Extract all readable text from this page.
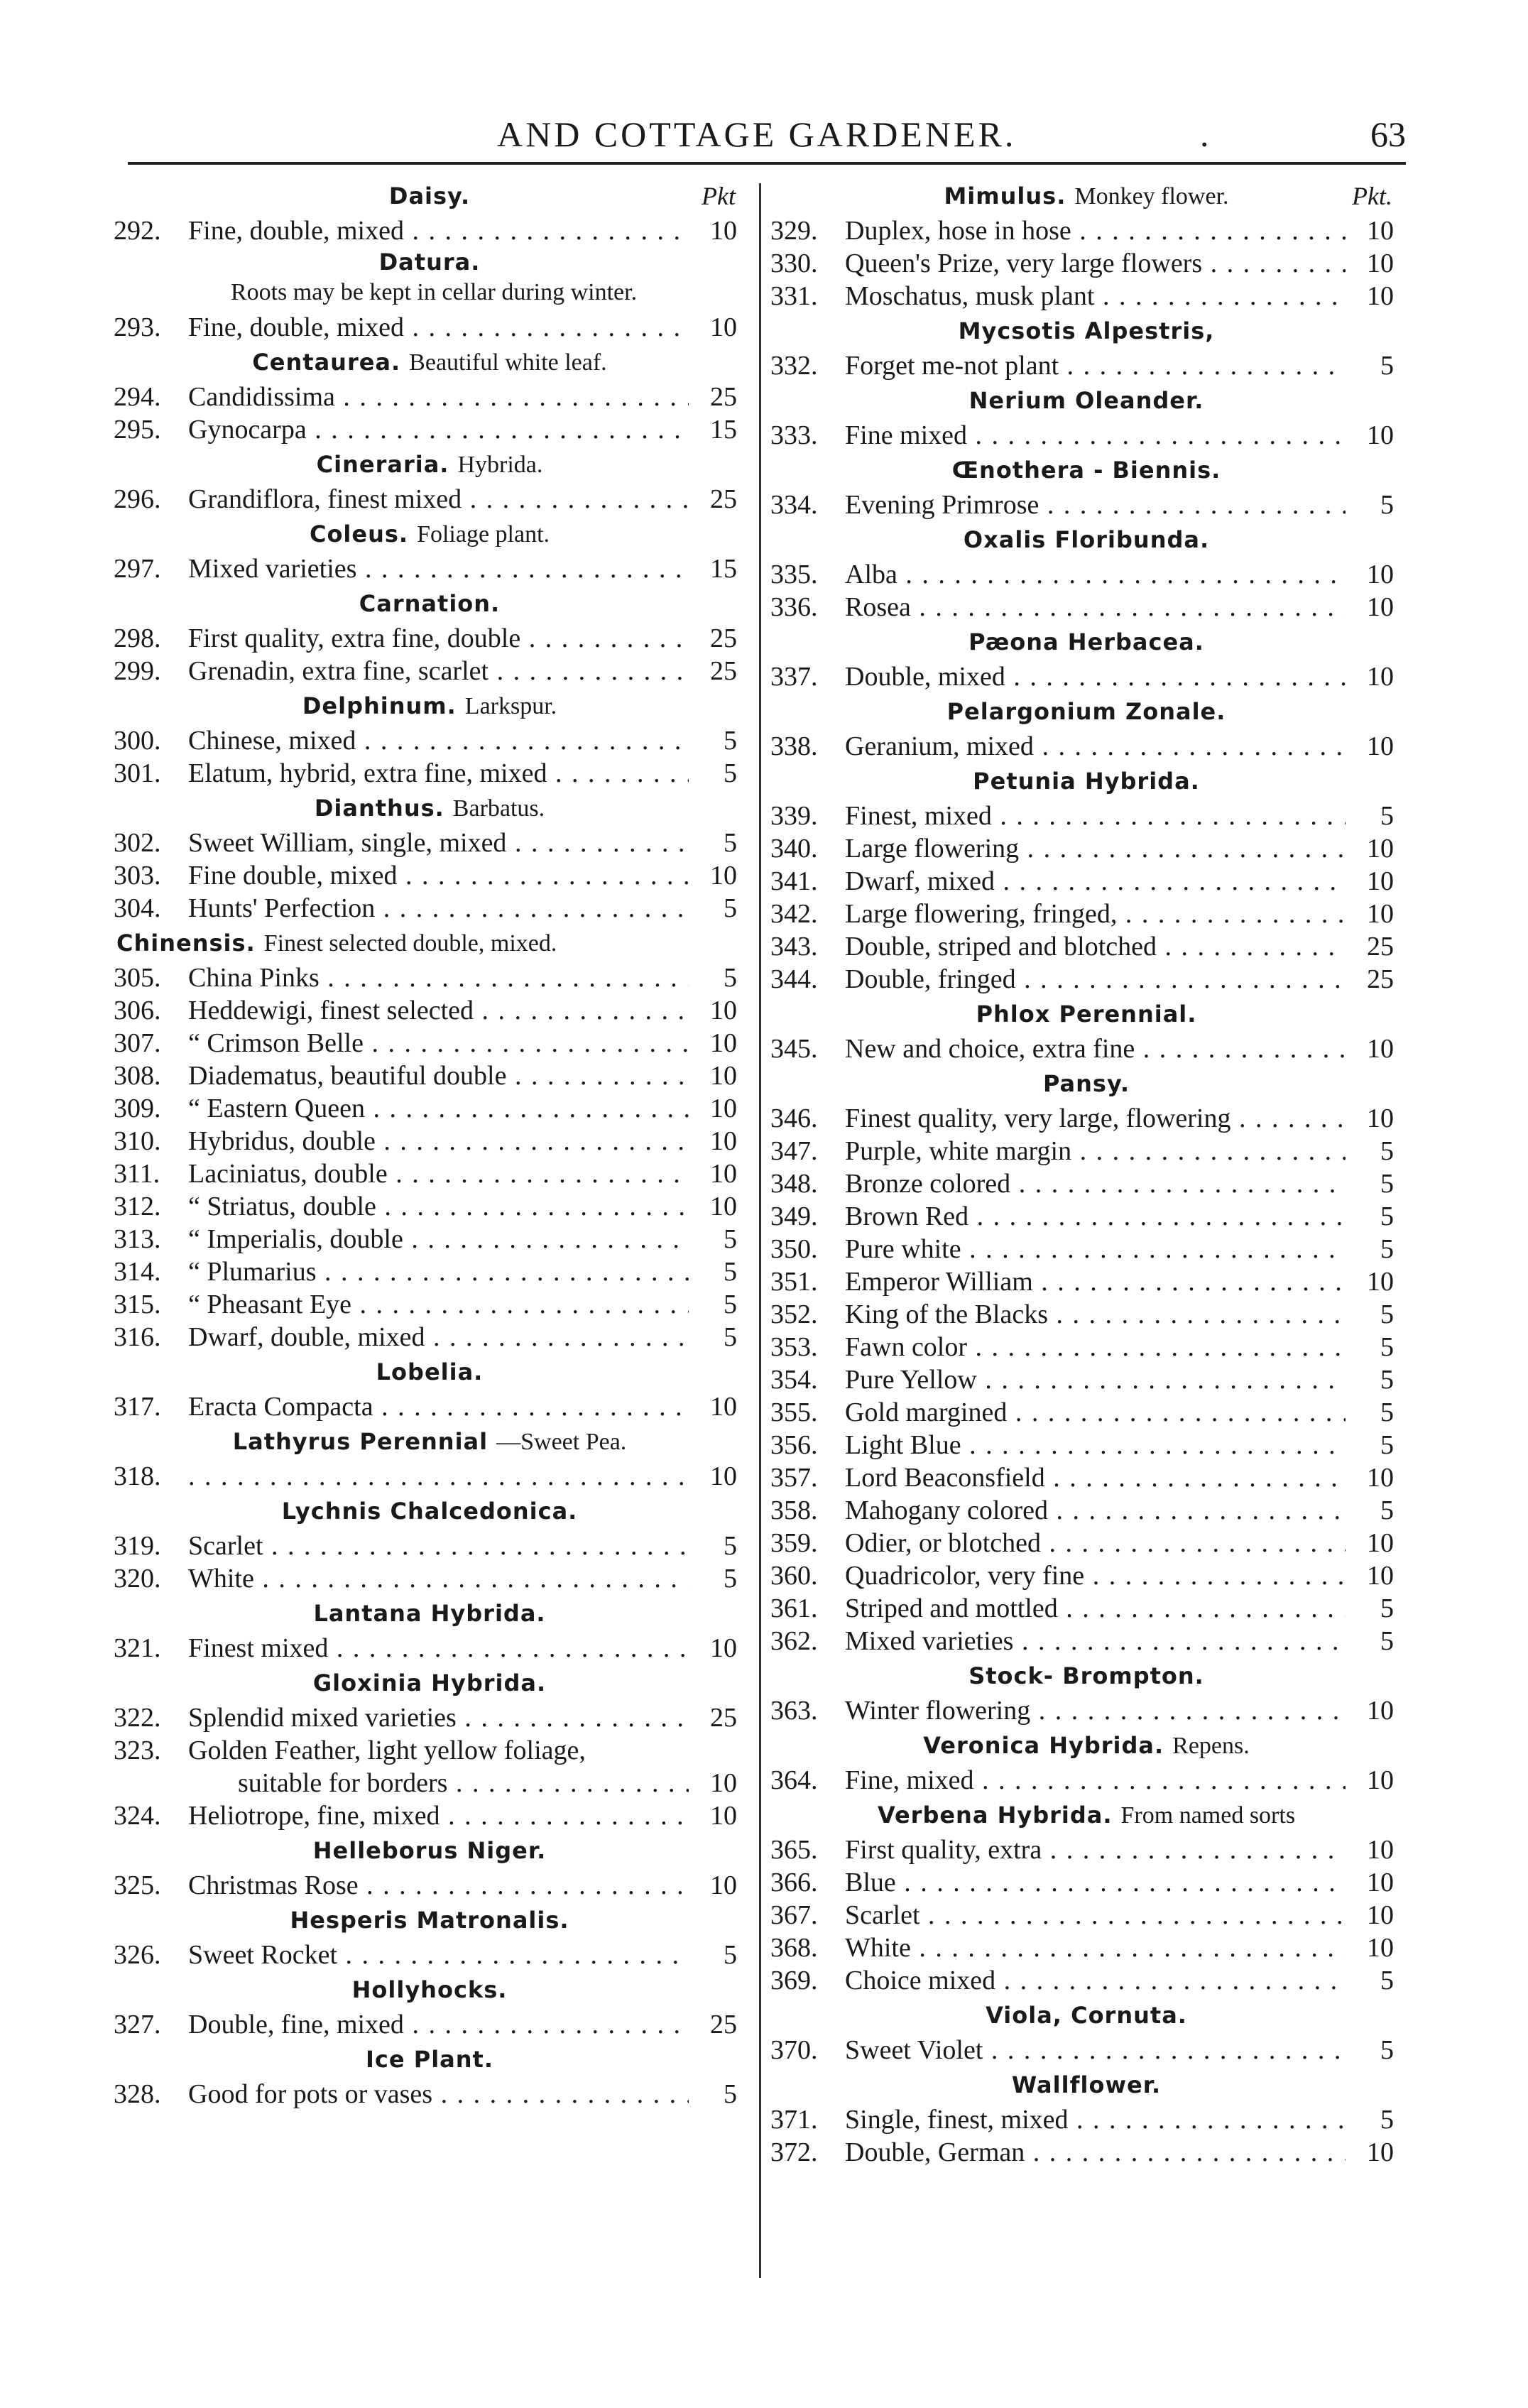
AND COTTAGE GARDENER.	.	63
Daisy.	Pkt
292.	Fine, double, mixed . . .	10
Datura.
Roots may be kept in cellar during winter.
293.	Fine, double, mixed . . .	10
Centaurea. Beautiful white leaf.
294.	Candidissima . . .	25
295.	Gynocarpa . . .	15
Cineraria. Hybrida.
296.	Grandiflora, finest mixed . . .	25
Coleus. Foliage plant.
297.	Mixed varieties . . .	15
Carnation.
298.	First quality, extra fine, double . . .	25
299.	Grenadin, extra fine, scarlet . . .	25
Delphinum. Larkspur.
300.	Chinese, mixed . . .	5
301.	Elatum, hybrid, extra fine, mixed . . .	5
Dianthus. Barbatus.
302.	Sweet William, single, mixed . . .	5
303.	Fine double, mixed . . .	10
304.	Hunts' Perfection . . .	5
Chinensis. Finest selected double, mixed.
305.	China Pinks . . .	5
306.	Heddewigi, finest selected . . .	10
307.	“ Crimson Belle . . .	10
308.	Diadematus, beautiful double . . .	10
309.	“ Eastern Queen . . .	10
310.	Hybridus, double . . .	10
311.	Laciniatus, double . . .	10
312.	“ Striatus, double . . .	10
313.	“ Imperialis, double . . .	5
314.	“ Plumarius . . .	5
315.	“ Pheasant Eye . . .	5
316.	Dwarf, double, mixed . . .	5
Lobelia.
317.	Eracta Compacta . . .	10
Lathyrus Perennial —Sweet Pea.
318. . . .	10
Lychnis Chalcedonica.
319.	Scarlet . . .	5
320.	White . . .	5
Lantana Hybrida.
321.	Finest mixed . . .	10
Gloxinia Hybrida.
322.	Splendid mixed varieties . . .	25
323.	Golden Feather, light yellow foliage,
suitable for borders . . .	10
324.	Heliotrope, fine, mixed . . .	10
Helleborus Niger.
325.	Christmas Rose . . .	10
Hesperis Matronalis.
326.	Sweet Rocket . . .	5
Hollyhocks.
327.	Double, fine, mixed . . .	25
Ice Plant.
328.	Good for pots or vases . . .	5
Mimulus. Monkey flower.	Pkt.
329.	Duplex, hose in hose . . .	10
330.	Queen's Prize, very large flowers . . .	10
331.	Moschatus, musk plant . . .	10
Mycsotis Alpestris,
332.	Forget me-not plant . . .	5
Nerium Oleander.
333.	Fine mixed . . .	10
Œnothera - Biennis.
334.	Evening Primrose . . .	5
Oxalis Floribunda.
335.	Alba . . .	10
336.	Rosea . . .	10
Pæona Herbacea.
337.	Double, mixed . . .	10
Pelargonium Zonale.
338.	Geranium, mixed . . .	10
Petunia Hybrida.
339.	Finest, mixed . . .	5
340.	Large flowering . . .	10
341.	Dwarf, mixed . . .	10
342.	Large flowering, fringed, . . .	10
343.	Double, striped and blotched . . .	25
344.	Double, fringed . . .	25
Phlox Perennial.
345.	New and choice, extra fine . . .	10
Pansy.
346.	Finest quality, very large, flowering . . .	10
347.	Purple, white margin . . .	5
348.	Bronze colored . . .	5
349.	Brown Red . . .	5
350.	Pure white . . .	5
351.	Emperor William . . .	10
352.	King of the Blacks . . .	5
353.	Fawn color . . .	5
354.	Pure Yellow . . .	5
355.	Gold margined . . .	5
356.	Light Blue . . .	5
357.	Lord Beaconsfield . . .	10
358.	Mahogany colored . . .	5
359.	Odier, or blotched . . .	10
360.	Quadricolor, very fine . . .	10
361.	Striped and mottled . . .	5
362.	Mixed varieties . . .	5
Stock- Brompton.
363.	Winter flowering . . .	10
Veronica Hybrida. Repens.
364.	Fine, mixed . . .	10
Verbena Hybrida. From named sorts
365.	First quality, extra . . .	10
366.	Blue . . .	10
367.	Scarlet . . .	10
368.	White . . .	10
369.	Choice mixed . . .	5
Viola, Cornuta.
370.	Sweet Violet . . .	5
Wallflower.
371.	Single, finest, mixed . . .	5
372.	Double, German . . .	10
